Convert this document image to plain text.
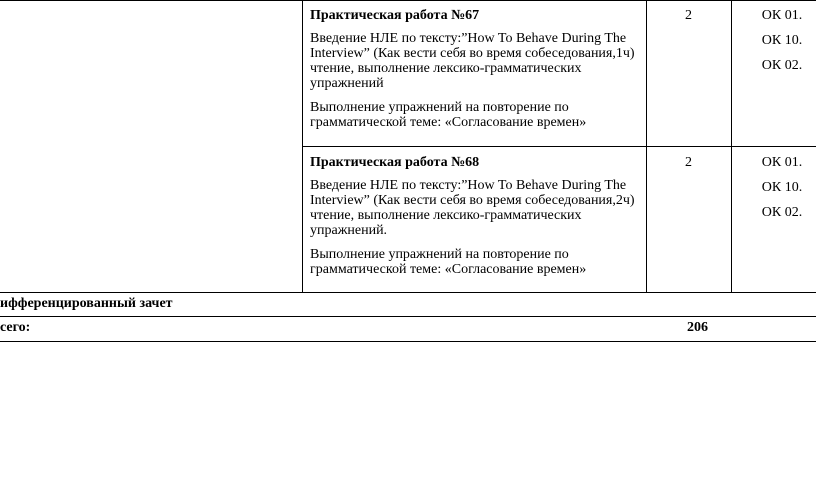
Практическая работа №67
Введение НЛЕ по тексту:”How To Behave During The Interview” (Как вести себя во время собеседования,1ч) чтение, выполнение лексико-грамматических упражнений
Выполнение упражнений на повторение по грамматической теме: «Согласование времен»
2	ОК 01.
ОК 10.
ОК 02.
Практическая работа №68
Введение НЛЕ по тексту:”How To Behave During The Interview” (Как вести себя во время собеседования,2ч) чтение, выполнение лексико-грамматических упражнений.
Выполнение упражнений на повторение по грамматической теме: «Согласование времен»
2	ОК 01.
ОК 10.
ОК 02.
ифференцированный зачет
сего:	206
